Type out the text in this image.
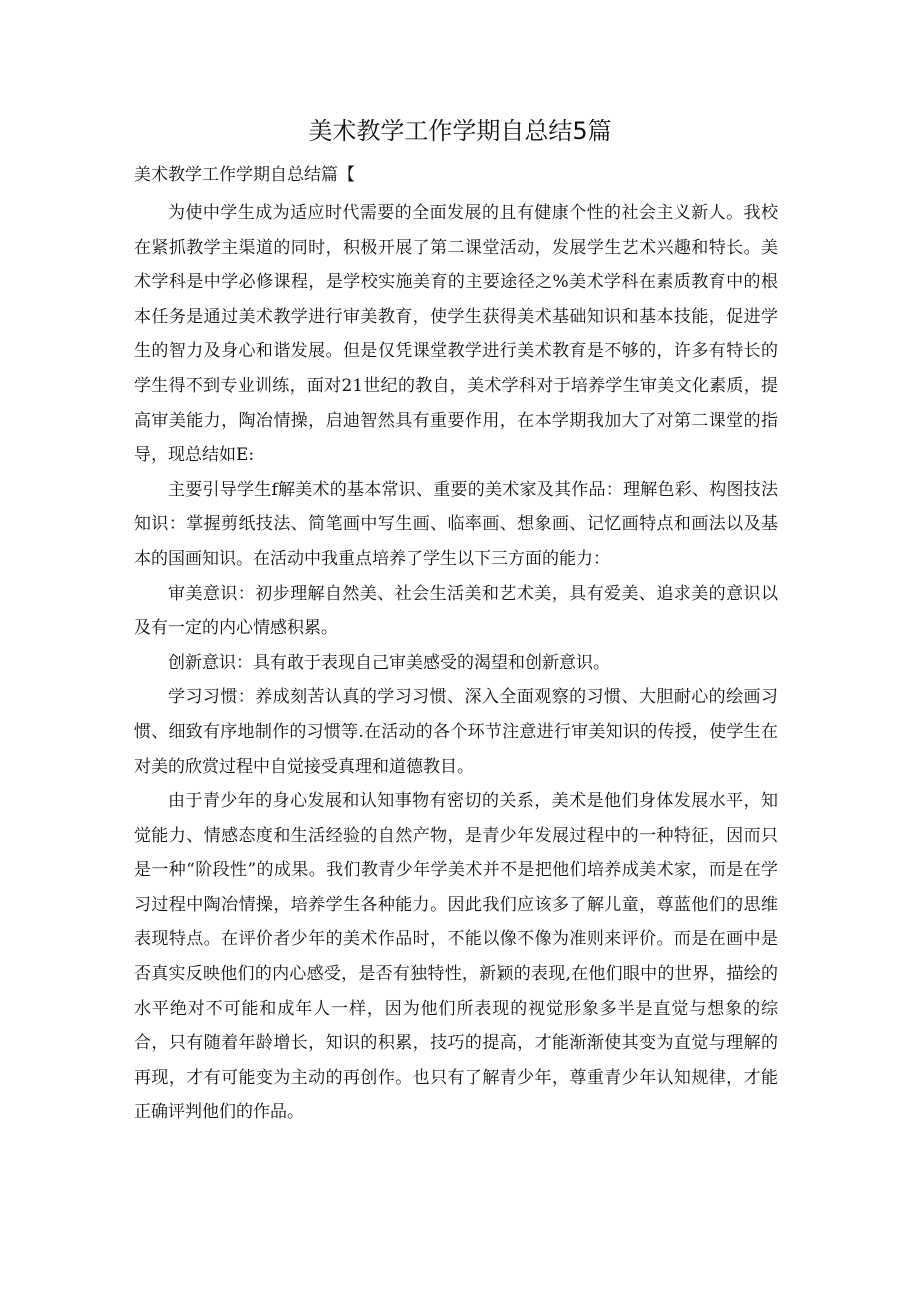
美术教学工作学期自总结5篇
美术教学工作学期自总结篇【

为使中学生成为适应时代需要的全面发展的且有健康个性的社会主义新人。我校在紧抓教学主渠道的同时，积极开展了第二课堂活动，发展学生艺术兴趣和特长。美术学科是中学必修课程，是学校实施美育的主要途径之%美术学科在素质教育中的根本任务是通过美术教学进行审美教育，使学生获得美术基础知识和基本技能，促进学生的智力及身心和谐发展。但是仅凭课堂教学进行美术教育是不够的，许多有特长的学生得不到专业训练，面对21世纪的教自，美术学科对于培养学生审美文化素质，提高审美能力，陶冶情操，启迪智然具有重要作用，在本学期我加大了对第二课堂的指导，现总结如E:

主要引导学生f解美术的基本常识、重要的美术家及其作品：理解色彩、构图技法知识：掌握剪纸技法、简笔画中写生画、临率画、想象画、记忆画特点和画法以及基本的国画知识。在活动中我重点培养了学生以下三方面的能力：

审美意识：初步理解自然美、社会生活美和艺术美，具有爱美、追求美的意识以及有一定的内心情感积累。

创新意识：具有敢于表现自己审美感受的渴望和创新意识。

学习习惯：养成刻苦认真的学习习惯、深入全面观察的习惯、大胆耐心的绘画习惯、细致有序地制作的习惯等.在活动的各个环节注意进行审美知识的传授，使学生在对美的欣赏过程中自觉接受真理和道德教目。

由于青少年的身心发展和认知事物有密切的关系，美术是他们身体发展水平，知觉能力、情感态度和生活经验的自然产物，是青少年发展过程中的一种特征，因而只是一种“阶段性”的成果。我们教青少年学美术并不是把他们培养成美术家，而是在学习过程中陶冶情操，培养学生各种能力。因此我们应该多了解儿童，尊蓝他们的思维表现特点。在评价者少年的美术作品时，不能以像不像为准则来评价。而是在画中是否真实反映他们的内心感受，是否有独特性，新颖的表现,在他们眼中的世界，描绘的水平绝对不可能和成年人一样，因为他们所表现的视觉形象多半是直觉与想象的综合，只有随着年龄增长，知识的积累，技巧的提高，才能渐渐使其变为直觉与理解的再现，才有可能变为主动的再创作。也只有了解青少年，尊重青少年认知规律，才能正确评判他们的作品。
